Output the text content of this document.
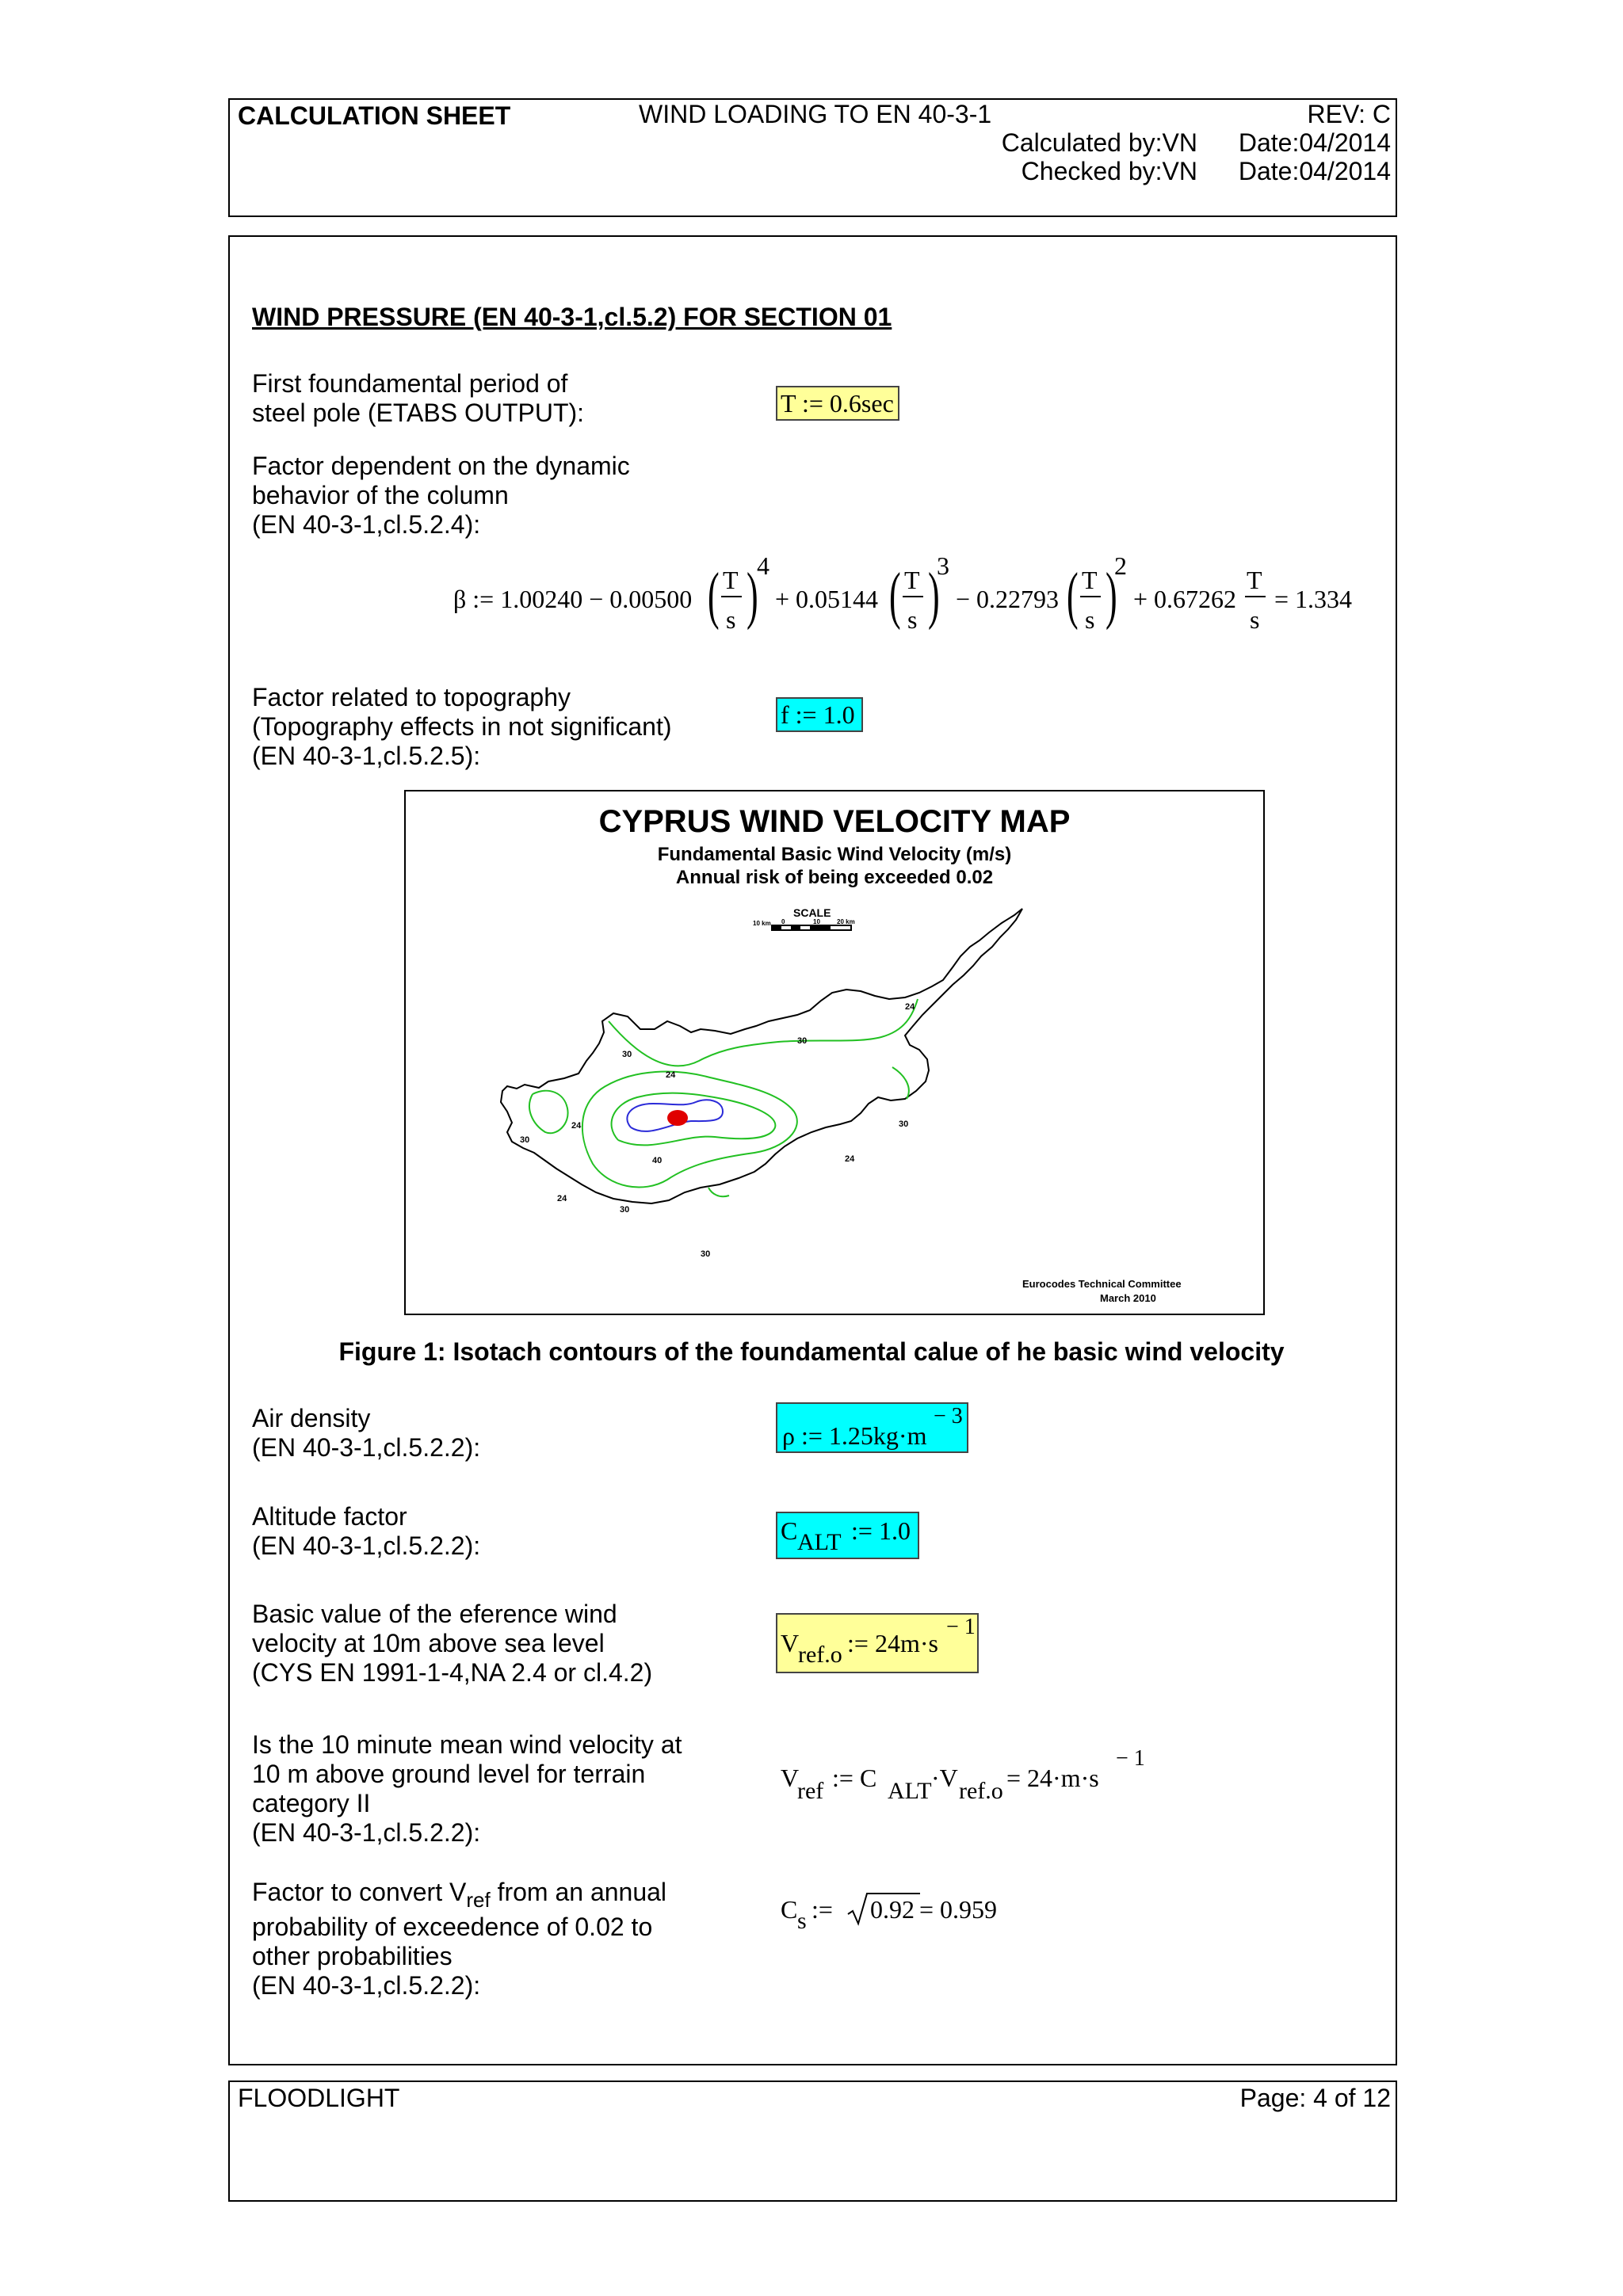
CALCULATION SHEET	WIND LOADING TO EN 40-3-1	REV: C
Calculated by:VN Date:04/2014
Checked by:VN Date:04/2014
WIND PRESSURE (EN 40-3-1,cl.5.2) FOR SECTION 01
First foundamental period of
steel pole (ETABS OUTPUT):	T := 0.6sec
Factor dependent on the dynamic
behavior of the column
(EN 40-3-1,cl.5.2.4):
β := 1.00240 − 0.00500 ( T
s )
4
+ 0.05144 ( T
s )
3
− 0.22793 ( T
s )
2
+ 0.67262
T
s
= 1.334
Factor related to topography
(Topography effects in not significant)
(EN 40-3-1,cl.5.2.5):
f := 1.0
CYPRUS WIND VELOCITY MAP
Fundamental Basic Wind Velocity (m/s)
Annual risk of being exceeded 0.02
SCALE
10 km 0	10	20 km
24
30
30
24
30
24
30
40	24
24
30
30
Eurocodes Technical Committee
March 2010
Figure 1: Isotach contours of the foundamental calue of he basic wind velocity
Air density
(EN 40-3-1,cl.5.2.2):	ρ := 1.25kg·m
− 3
Altitude factor
(EN 40-3-1,cl.5.2.2):
C ALT := 1.0
Basic value of the eference wind
velocity at 10m above sea level
(CYS EN 1991-1-4,NA 2.4 or cl.4.2)
V
ref.o := 24m·s
− 1
Is the 10 minute mean wind velocity at
10 m above ground level for terrain
category II
(EN 40-3-1,cl.5.2.2):
V
ref := C ALT ·V ref.o = 24·m·s
− 1
Factor to convert $V_{ref}$ from an annual
probability of exceedence of 0.02 to
other probabilities
(EN 40-3-1,cl.5.2.2):
C s := 0.92 = 0.959
FLOODLIGHT	Page: 4 of 12
